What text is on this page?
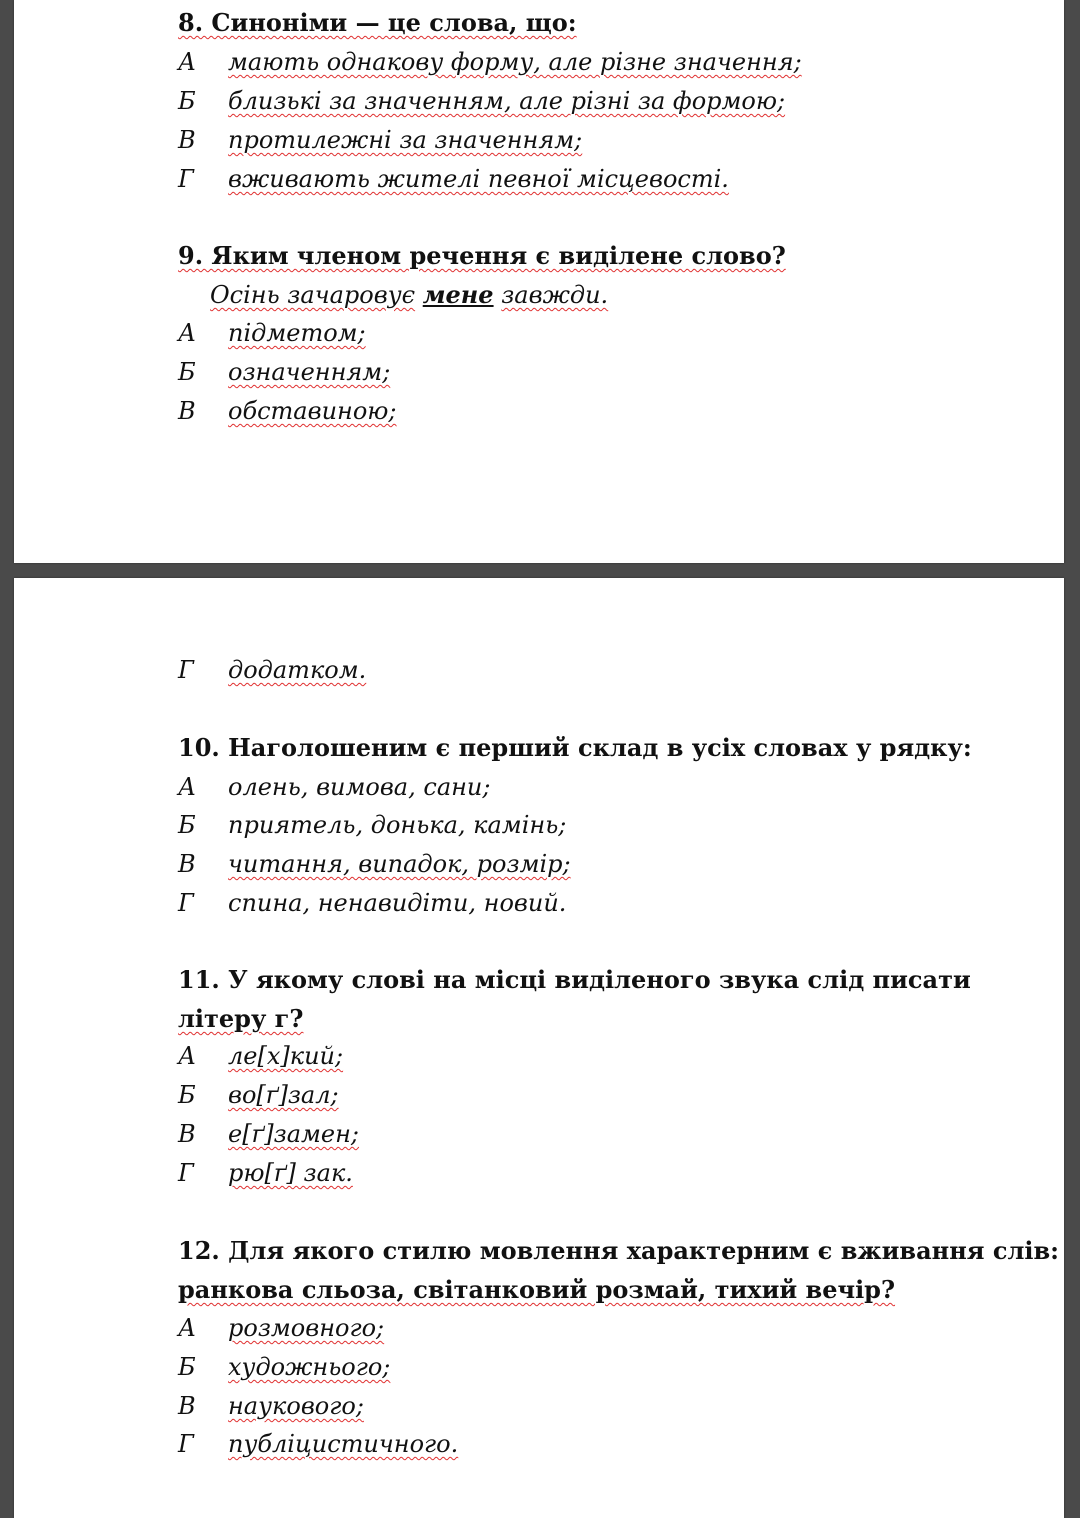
8. Синоніми — це слова, що:
А мають однакову форму, але різне значення;
Б близькі за значенням, але різні за формою;
В протилежні за значенням;
Г вживають жителі певної місцевості.
9. Яким членом речення є виділене слово?
Осінь зачаровує мене завжди.
А підметом;
Б означенням;
В обставиною;
Г додатком.
10. Наголошеним є перший склад в усіх словах у рядку:
А олень, вимова, сани;
Б приятель, донька, камінь;
В читання, випадок, розмір;
Г спина, ненавидіти, новий.
11. У якому слові на місці виділеного звука слід писати
літеру г?
А ле[х]кий;
Б во[ґ]зал;
В е[ґ]замен;
Г рю[ґ] зак.
12. Для якого стилю мовлення характерним є вживання слів:
ранкова сльоза, світанковий розмай, тихий вечір?
А розмовного;
Б художнього;
В наукового;
Г публіцистичного.
